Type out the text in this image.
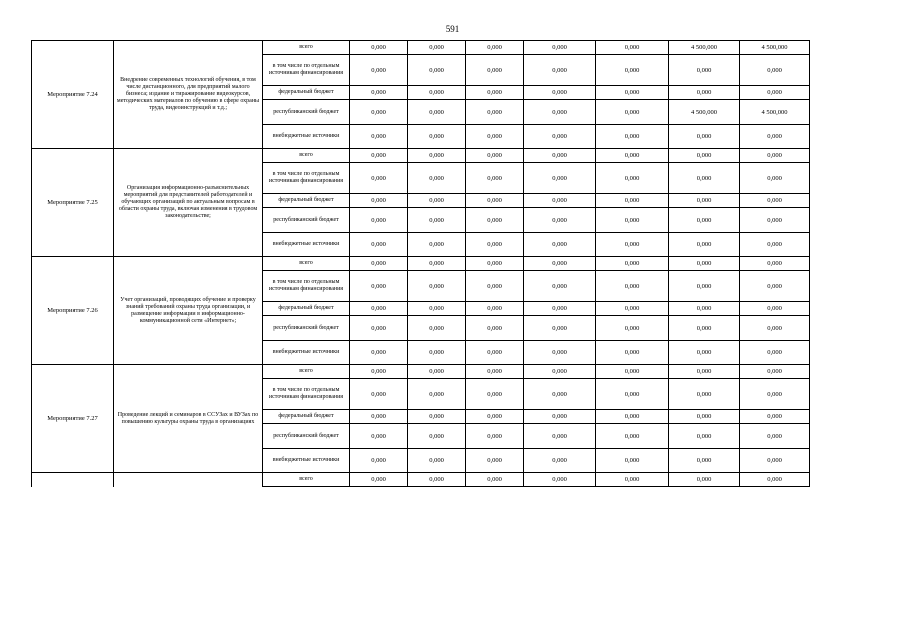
591
Мероприятие 7.24	Внедрение современных технологий обучения, в том числе дистанционного, для предприятий малого бизнеса; издание и тиражирование видеокурсов, методических материалов по обучению в сфере охраны труда, видеоинструкций и т.д.;	всего	0,000	0,000	0,000	0,000	0,000	4 500,000	4 500,000
		в том числе по отдельным источникам финансирования	0,000	0,000	0,000	0,000	0,000	0,000	0,000
		федеральный бюджет	0,000	0,000	0,000	0,000	0,000	0,000	0,000
		республиканский бюджет	0,000	0,000	0,000	0,000	0,000	4 500,000	4 500,000
		внебюджетные источники	0,000	0,000	0,000	0,000	0,000	0,000	0,000
Мероприятие 7.25	Организация информационно-разъяснительных мероприятий для представителей работодателей и обучающих организаций по актуальным вопросам в области охраны труда, включая изменения в трудовом законодательстве;	всего	0,000	0,000	0,000	0,000	0,000	0,000	0,000
		в том числе по отдельным источникам финансирования	0,000	0,000	0,000	0,000	0,000	0,000	0,000
		федеральный бюджет	0,000	0,000	0,000	0,000	0,000	0,000	0,000
		республиканский бюджет	0,000	0,000	0,000	0,000	0,000	0,000	0,000
		внебюджетные источники	0,000	0,000	0,000	0,000	0,000	0,000	0,000
Мероприятие 7.26	Учет организаций, проводящих обучение и проверку знаний требований охраны труда организации, и размещение информации в информационно-коммуникационной сети «Интернет»;	всего	0,000	0,000	0,000	0,000	0,000	0,000	0,000
		в том числе по отдельным источникам финансирования	0,000	0,000	0,000	0,000	0,000	0,000	0,000
		федеральный бюджет	0,000	0,000	0,000	0,000	0,000	0,000	0,000
		республиканский бюджет	0,000	0,000	0,000	0,000	0,000	0,000	0,000
		внебюджетные источники	0,000	0,000	0,000	0,000	0,000	0,000	0,000
Мероприятие 7.27	Проведение лекций и семинаров в ССУЗах и ВУЗах по повышению культуры охраны труда в организациях	всего	0,000	0,000	0,000	0,000	0,000	0,000	0,000
		в том числе по отдельным источникам финансирования	0,000	0,000	0,000	0,000	0,000	0,000	0,000
		федеральный бюджет	0,000	0,000	0,000	0,000	0,000	0,000	0,000
		республиканский бюджет	0,000	0,000	0,000	0,000	0,000	0,000	0,000
		внебюджетные источники	0,000	0,000	0,000	0,000	0,000	0,000	0,000
		всего	0,000	0,000	0,000	0,000	0,000	0,000	0,000
